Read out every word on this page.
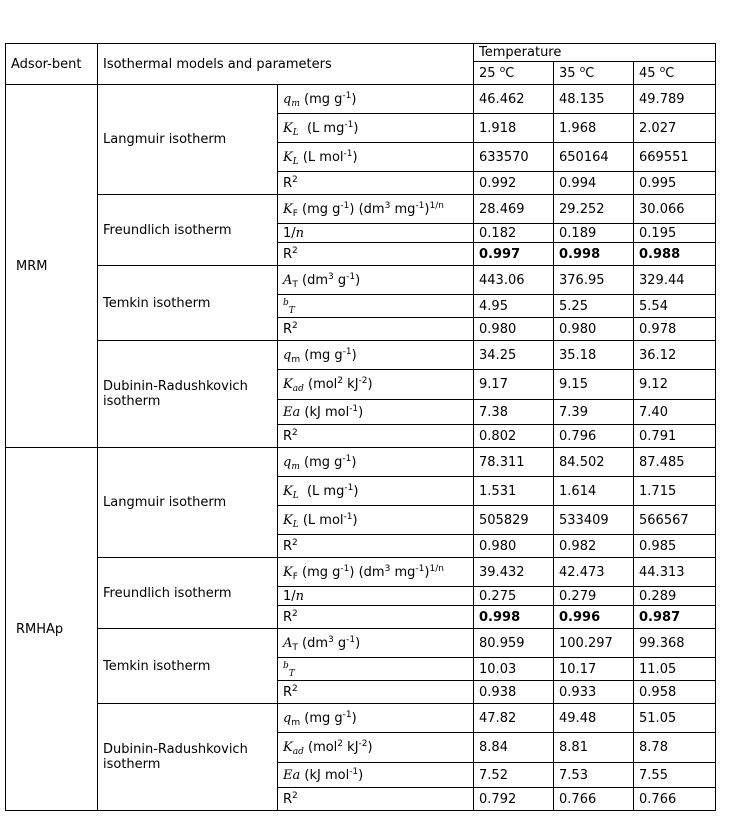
Adsor-bent	Isothermal models and parameters		Temperature		
			25 $^o$C	35 $^o$C	45 $^o$C
MRM	Langmuir isotherm	$q_m$ (mg $g^{-1}$)	46.462	48.135	49.789
		$K_L$  (L $mg^{-1}$)	1.918	1.968	2.027
		$K_L$ (L mol$^{-1}$)	633570	650164	669551
		$R^2$	0.992	0.994	0.995
	Freundlich isotherm	$K_F$ (mg $g^{-1}$) ($dm^3$ $mg^{-1})^{1/n}$	28.469	29.252	30.066
		1/n	0.182	0.189	0.195
		$R^2$	0.997	0.998	0.988
	Temkin isotherm	$A_T$ ($dm^3$ $g^{-1}$)	443.06	376.95	329.44
		$^b_T$	4.95	5.25	5.54
		$R^2$	0.980	0.980	0.978
	Dubinin-Radushkovich isotherm	$q_m$ (mg $g^{-1}$)	34.25	35.18	36.12
		$K_{ad}$ (mol$^2$ $kJ^{-2}$)	9.17	9.15	9.12
		Ea (kJ mol$^{-1}$)	7.38	7.39	7.40
		$R^2$	0.802	0.796	0.791
RMHAp	Langmuir isotherm	$q_m$ (mg $g^{-1}$)	78.311	84.502	87.485
		$K_L$  (L $mg^{-1}$)	1.531	1.614	1.715
		$K_L$ (L mol$^{-1}$)	505829	533409	566567
		$R^2$	0.980	0.982	0.985
	Freundlich isotherm	$K_F$ (mg $g^{-1}$) ($dm^3$ $mg^{-1})^{1/n}$	39.432	42.473	44.313
		1/n	0.275	0.279	0.289
		$R^2$	0.998	0.996	0.987
	Temkin isotherm	$A_T$ ($dm^3$ $g^{-1}$)	80.959	100.297	99.368
		$^b_T$	10.03	10.17	11.05
		$R^2$	0.938	0.933	0.958
	Dubinin-Radushkovich isotherm	$q_m$ (mg $g^{-1}$)	47.82	49.48	51.05
		$K_{ad}$ (mol$^2$ $kJ^{-2}$)	8.84	8.81	8.78
		Ea (kJ mol$^{-1}$)	7.52	7.53	7.55
		$R^2$	0.792	0.766	0.766
